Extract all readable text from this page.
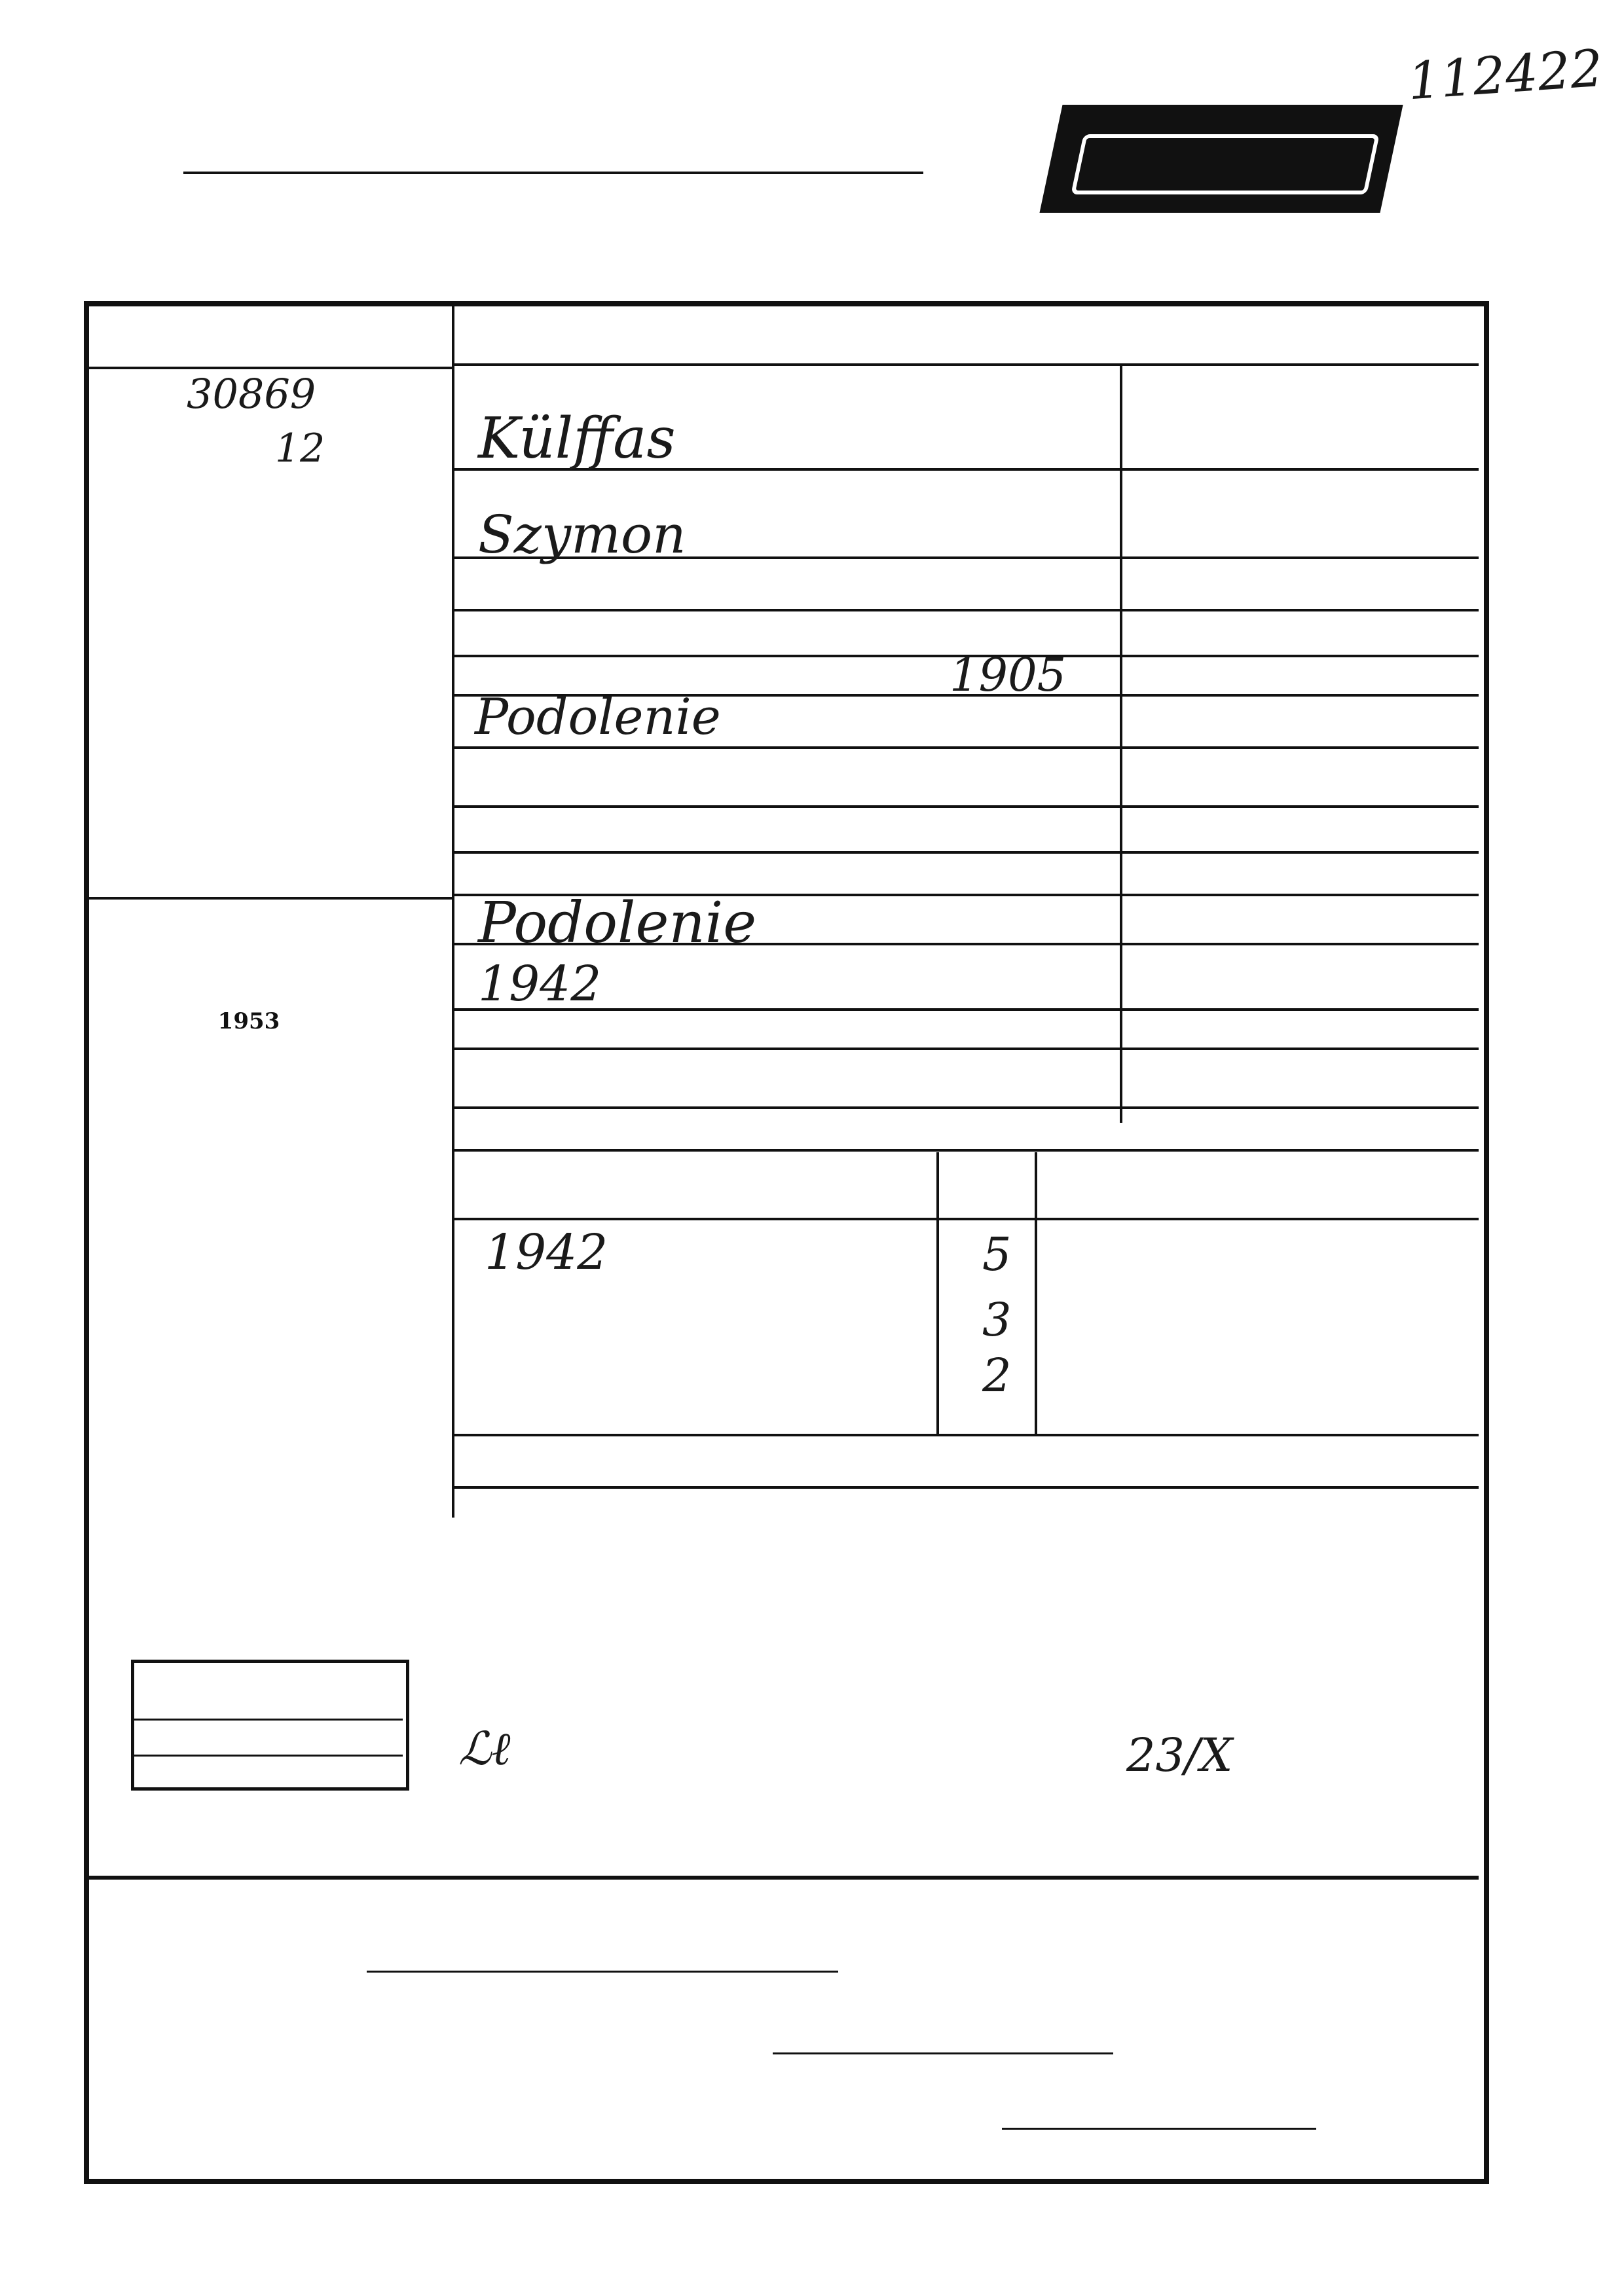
112422
30869
12
1953
Külffas
Szymon
1905
Podolenie
Podolenie
1942
1942	5
3
2
23/X
ℒℓ
